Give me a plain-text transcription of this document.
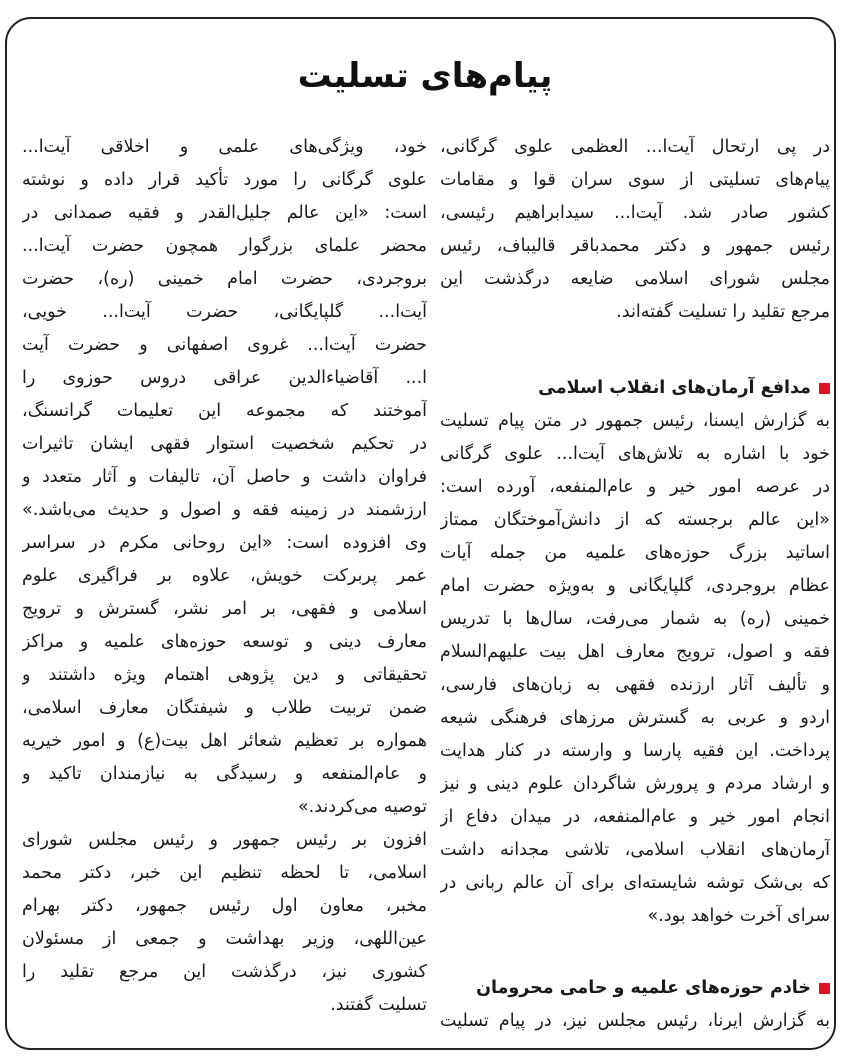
پیام‌های تسلیت
در پی ارتحال آیت‌ا... العظمی علوی گرگانی،
پیام‌های تسلیتی از سوی سران قوا و مقامات
کشور صادر شد. آیت‌ا... سیدابراهیم رئیسی،
رئیس جمهور و دکتر محمدباقر قالیباف، رئیس
مجلس شورای اسلامی ضایعه درگذشت این
مرجع تقلید را تسلیت گفته‌اند.
مدافع آرمان‌های انقلاب اسلامی
به گزارش ایسنا، رئیس جمهور در متن پیام تسلیت
خود با اشاره به تلاش‌های آیت‌ا... علوی گرگانی
در عرصه امور خیر و عام‌المنفعه، آورده است:
«این عالم برجسته که از دانش‌آموختگان ممتاز
اساتید بزرگ حوزه‌های علمیه من جمله آیات
عظام بروجردی، گلپایگانی و به‌ویژه حضرت امام
خمینی (ره) به شمار می‌رفت، سال‌ها با تدریس
فقه و اصول، ترویج معارف اهل بیت علیهم‌السلام
و تألیف آثار ارزنده فقهی به زبان‌های فارسی،
اردو و عربی به گسترش مرزهای فرهنگی شیعه
پرداخت. این فقیه پارسا و وارسته در کنار هدایت
و ارشاد مردم و پرورش شاگردان علوم دینی و نیز
انجام امور خیر و عام‌المنفعه، در میدان دفاع از
آرمان‌های انقلاب اسلامی، تلاشی مجدانه داشت
که بی‌شک توشه شایسته‌ای برای آن عالم ربانی در
سرای آخرت خواهد بود.»
خادم حوزه‌های علمیه و حامی محرومان
به گزارش ایرنا، رئیس مجلس نیز، در پیام تسلیت
خود، ویژگی‌های علمی و اخلاقی آیت‌ا...
علوی گرگانی را مورد تأکید قرار داده و نوشته
است: «این عالم جلیل‌القدر و فقیه صمدانی در
محضر علمای بزرگوار همچون حضرت آیت‌ا...
بروجردی، حضرت امام خمینی (ره)، حضرت
آیت‌ا... گلپایگانی، حضرت آیت‌ا... خویی،
حضرت آیت‌ا... غروی اصفهانی و حضرت آیت
ا... آقاضیاءالدین عراقی دروس حوزوی را
آموختند که مجموعه این تعلیمات گرانسنگ،
در تحکیم شخصیت استوار فقهی ایشان تاثیرات
فراوان داشت و حاصل آن، تالیفات و آثار متعدد و
ارزشمند در زمینه فقه و اصول و حدیث می‌باشد.»
وی افزوده است: «این روحانی مکرم در سراسر
عمر پربرکت خویش، علاوه بر فراگیری علوم
اسلامی و فقهی، بر امر نشر، گسترش و ترویج
معارف دینی و توسعه حوزه‌های علمیه و مراکز
تحقیقاتی و دین پژوهی اهتمام ویژه داشتند و
ضمن تربیت طلاب و شیفتگان معارف اسلامی،
همواره بر تعظیم شعائر اهل بیت(ع) و امور خیریه
و عام‌المنفعه و رسیدگی به نیازمندان تاکید و
توصیه می‌کردند.»
افزون بر رئیس جمهور و رئیس مجلس شورای
اسلامی، تا لحظه تنظیم این خبر، دکتر محمد
مخبر، معاون اول رئیس جمهور، دکتر بهرام
عین‌اللهی، وزیر بهداشت و جمعی از مسئولان
کشوری نیز، درگذشت این مرجع تقلید را
تسلیت گفتند.
